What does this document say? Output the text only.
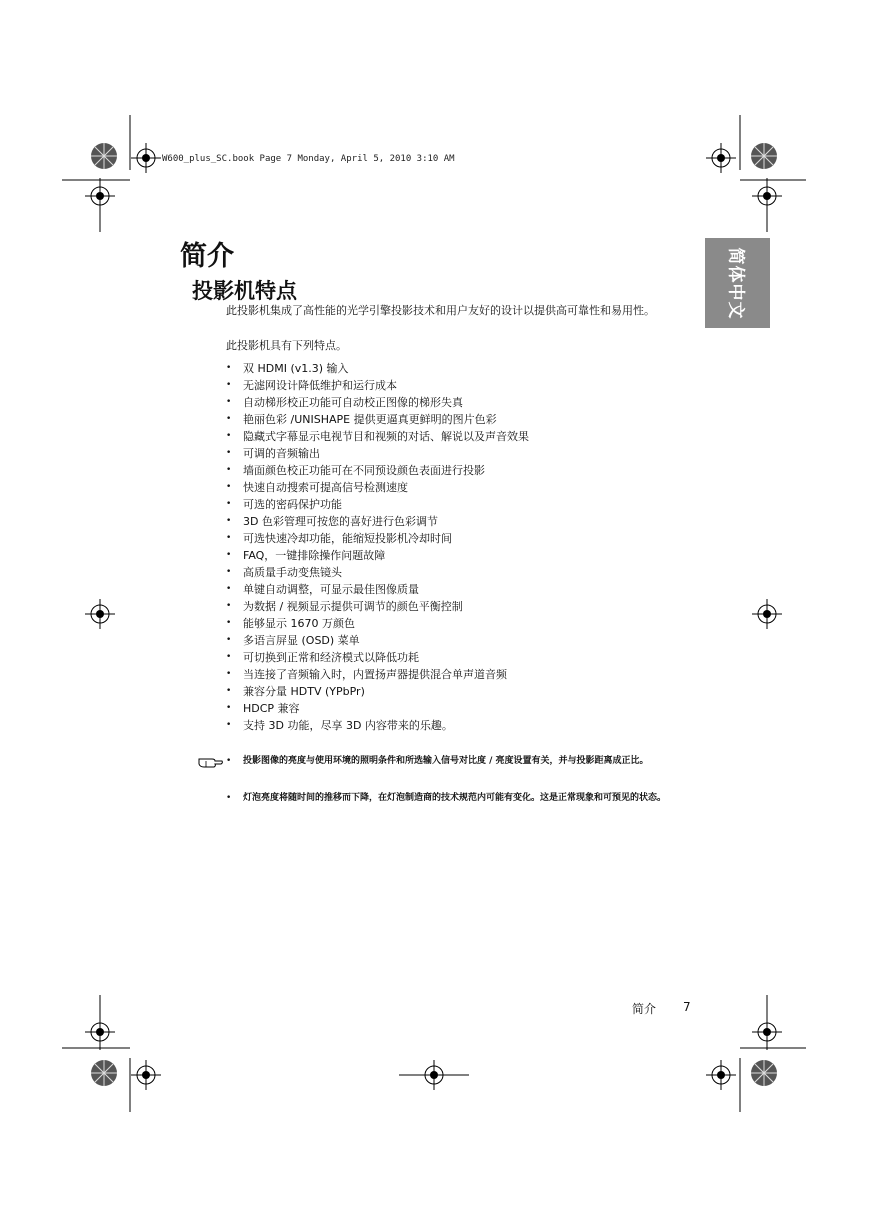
W600_plus_SC.book Page 7 Monday, April 5, 2010 3:10 AM
简体中文
简介
投影机特点
此投影机集成了高性能的光学引擎投影技术和用户友好的设计以提供高可靠性和易用性。
此投影机具有下列特点。
• 双 HDMI (v1.3) 输入
• 无滤网设计降低维护和运行成本
• 自动梯形校正功能可自动校正图像的梯形失真
• 艳丽色彩 /UNISHAPE 提供更逼真更鲜明的图片色彩
• 隐藏式字幕显示电视节目和视频的对话、解说以及声音效果
• 可调的音频输出
• 墙面颜色校正功能可在不同预设颜色表面进行投影
• 快速自动搜索可提高信号检测速度
• 可选的密码保护功能
• 3D 色彩管理可按您的喜好进行色彩调节
• 可选快速冷却功能，能缩短投影机冷却时间
• FAQ，一键排除操作问题故障
• 高质量手动变焦镜头
• 单键自动调整，可显示最佳图像质量
• 为数据 / 视频显示提供可调节的颜色平衡控制
• 能够显示 1670 万颜色
• 多语言屏显 (OSD) 菜单
• 可切换到正常和经济模式以降低功耗
• 当连接了音频输入时，内置扬声器提供混合单声道音频
• 兼容分量 HDTV (YPbPr)
• HDCP 兼容
• 支持 3D 功能，尽享 3D 内容带来的乐趣。
• 投影图像的亮度与使用环境的照明条件和所选输入信号对比度 / 亮度设置有关，并与投影距离成正比。
• 灯泡亮度将随时间的推移而下降，在灯泡制造商的技术规范内可能有变化。这是正常现象和可预见的状态。
简介 7
